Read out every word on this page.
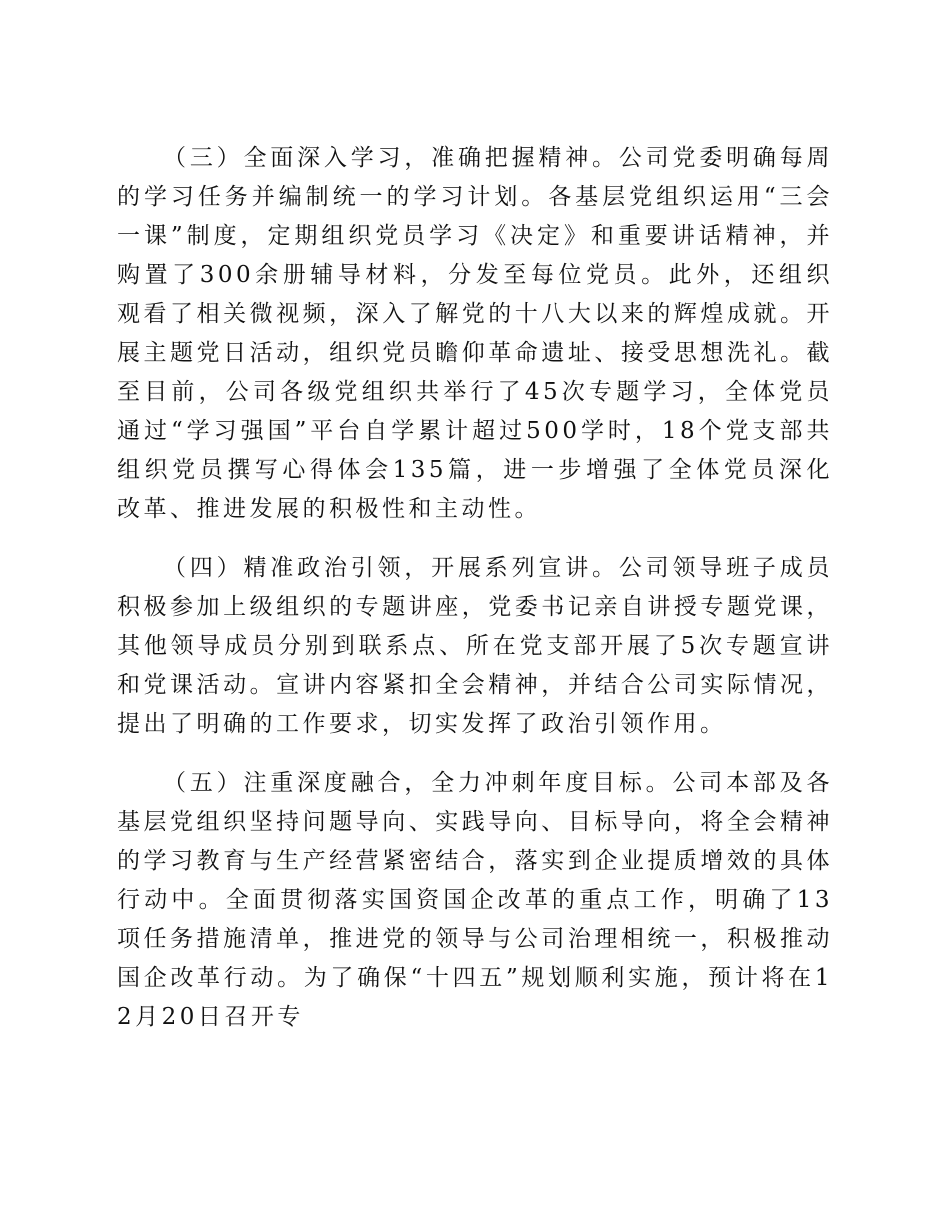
（三）全面深入学习，准确把握精神。公司党委明确每周的学习任务并编制统一的学习计划。各基层党组织运用“三会一课”制度，定期组织党员学习《决定》和重要讲话精神，并购置了300余册辅导材料，分发至每位党员。此外，还组织观看了相关微视频，深入了解党的十八大以来的辉煌成就。开展主题党日活动，组织党员瞻仰革命遗址、接受思想洗礼。截至目前，公司各级党组织共举行了45次专题学习，全体党员通过“学习强国”平台自学累计超过500学时，18个党支部共组织党员撰写心得体会135篇，进一步增强了全体党员深化改革、推进发展的积极性和主动性。

（四）精准政治引领，开展系列宣讲。公司领导班子成员积极参加上级组织的专题讲座，党委书记亲自讲授专题党课，其他领导成员分别到联系点、所在党支部开展了5次专题宣讲和党课活动。宣讲内容紧扣全会精神，并结合公司实际情况，提出了明确的工作要求，切实发挥了政治引领作用。

（五）注重深度融合，全力冲刺年度目标。公司本部及各基层党组织坚持问题导向、实践导向、目标导向，将全会精神的学习教育与生产经营紧密结合，落实到企业提质增效的具体行动中。全面贯彻落实国资国企改革的重点工作，明确了13项任务措施清单，推进党的领导与公司治理相统一，积极推动国企改革行动。为了确保“十四五”规划顺利实施，预计将在12月20日召开专
